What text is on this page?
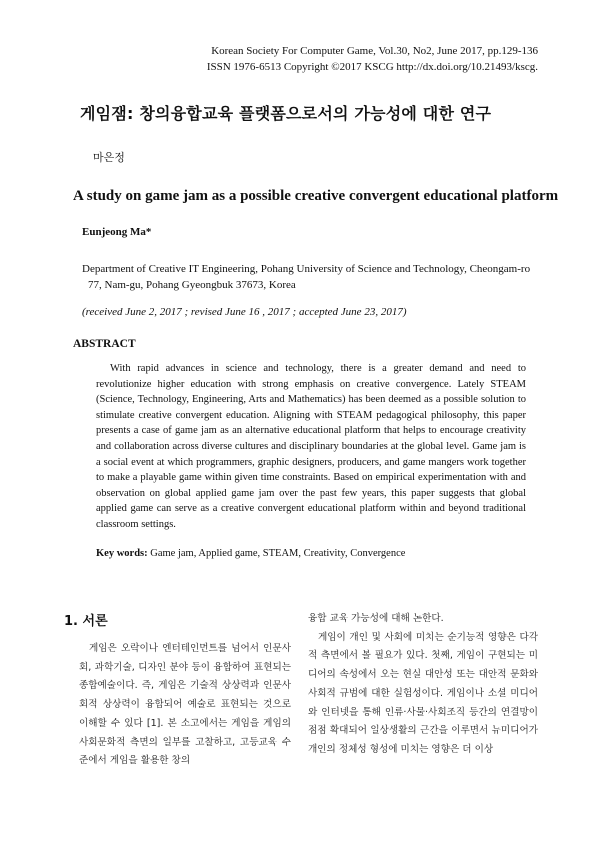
Korean Society For Computer Game, Vol.30, No2, June 2017, pp.129-136
ISSN 1976-6513 Copyright ©2017 KSCG http://dx.doi.org/10.21493/kscg.
게임잼: 창의융합교육 플랫폼으로서의 가능성에 대한 연구
마은정
A study on game jam as a possible creative convergent educational platform
Eunjeong Ma*
Department of Creative IT Engineering, Pohang University of Science and Technology, Cheongam-ro
77, Nam-gu, Pohang Gyeongbuk 37673, Korea
(received June 2, 2017 ; revised June 16 , 2017 ; accepted June 23, 2017)
ABSTRACT

With rapid advances in science and technology, there is a greater demand and need to revolutionize higher education with strong emphasis on creative convergence. Lately STEAM (Science, Technology, Engineering, Arts and Mathematics) has been deemed as a possible solution to stimulate creative convergent education. Aligning with STEAM pedagogical philosophy, this paper presents a case of game jam as an alternative educational platform that helps to encourage creativity and collaboration across diverse cultures and disciplinary boundaries at the global level. Game jam is a social event at which programmers, graphic designers, producers, and game mangers work together to make a playable game within given time constraints. Based on empirical experimentation with and observation on global applied game jam over the past few years, this paper suggests that global applied game can serve as a creative convergent educational platform within and beyond traditional classroom settings.

Key words: Game jam, Applied game, STEAM, Creativity, Convergence
1. 서론

게임은 오락이나 엔터테인먼트를 넘어서 인문사회, 과학기술, 디자인 분야 등이 융합하여 표현되는 종합예술이다. 즉, 게임은 기술적 상상력과 인문사회적 상상력이 융합되어 예술로 표현되는 것으로 이해할 수 있다 [1]. 본 소고에서는 게임을 게임의 사회문화적 측면의 일부를 고찰하고, 고등교육 수준에서 게임을 활용한 창의

융합 교육 가능성에 대해 논한다.

게임이 개인 및 사회에 미치는 순기능적 영향은 다각적 측면에서 볼 필요가 있다. 첫째, 게임이 구현되는 미디어의 속성에서 오는 현실 대안성 또는 대안적 문화와 사회적 규범에 대한 실험성이다. 게임이나 소셜 미디어와 인터넷을 통해 인류·사물·사회조직 등간의 연결망이 점점 확대되어 일상생활의 근간을 이루면서 뉴미디어가 개인의 정체성 형성에 미치는 영향은 더 이상
